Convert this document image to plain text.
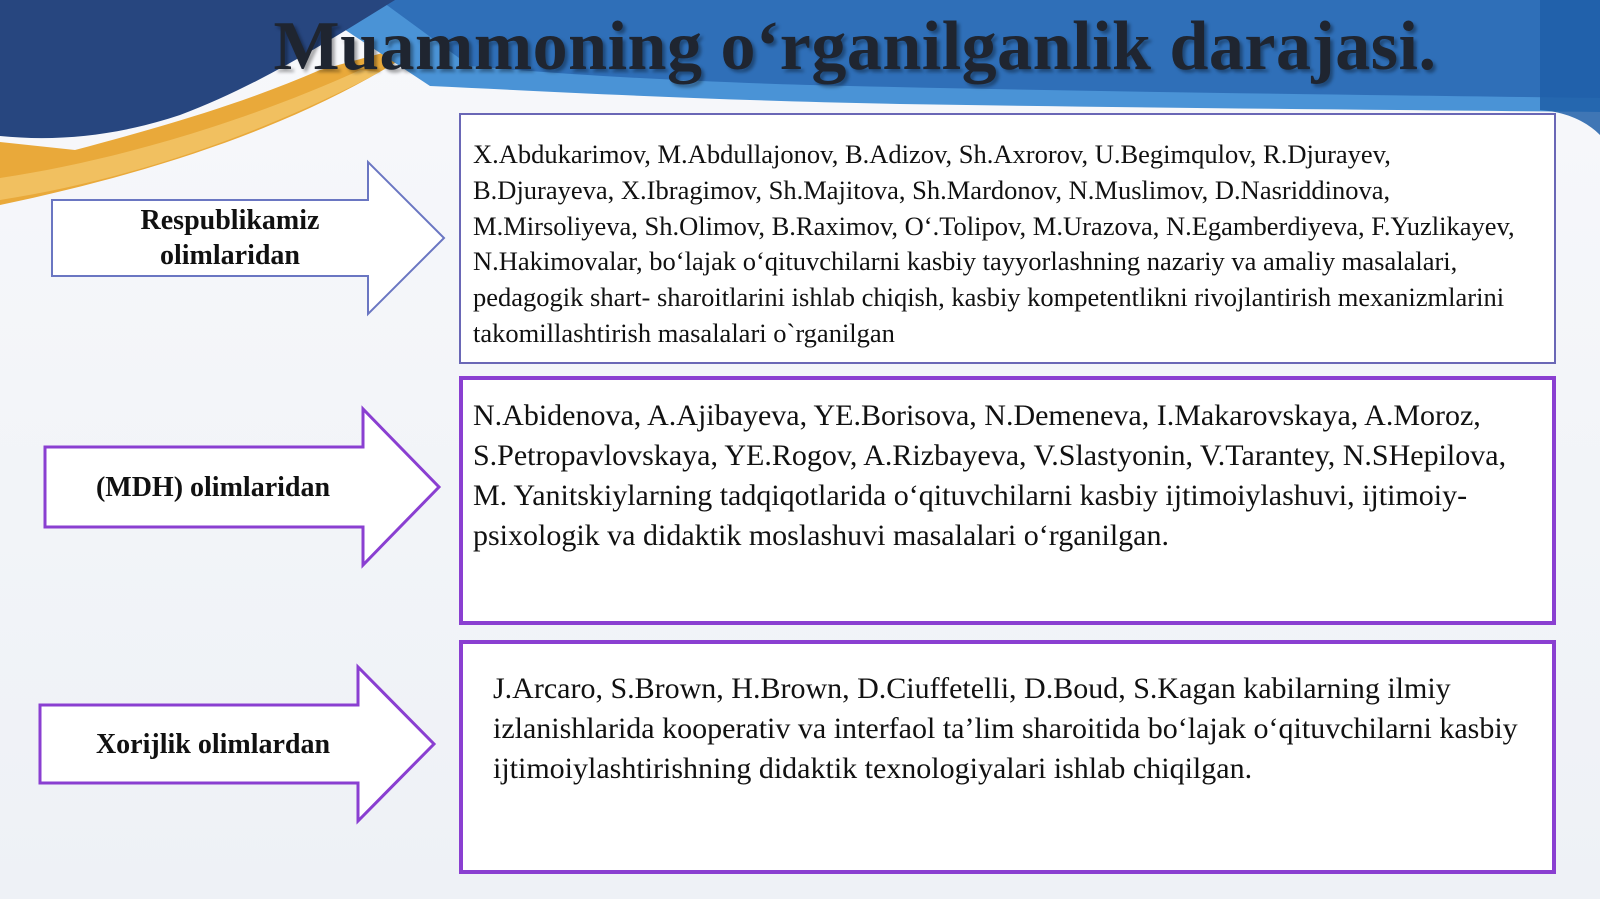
Muammoning o‘rganilganlik darajasi.
Respublikamiz olimlaridan
(MDH) olimlaridan
Xorijlik olimlardan

X.Abdukarimov, M.Abdullajonov, B.Adizov, Sh.Axrorov, U.Begimqulov, R.Djurayev, B.Djurayeva, X.Ibragimov, Sh.Majitova, Sh.Mardonov, N.Muslimov, D.Nasriddinova, M.Mirsoliyeva, Sh.Olimov, B.Raximov, O‘.Tolipov, M.Urazova, N.Egamberdiyeva, F.Yuzlikayev, N.Hakimovalar, bo‘lajak o‘qituvchilarni kasbiy tayyorlashning nazariy va amaliy masalalari, pedagogik shart- sharoitlarini ishlab chiqish, kasbiy kompetentlikni rivojlantirish mexanizmlarini takomillashtirish masalalari o`rganilgan

N.Abidenova, A.Ajibayeva, YE.Borisova, N.Demeneva, I.Makarovskaya, A.Moroz, S.Petropavlovskaya, YE.Rogov, A.Rizbayeva, V.Slastyonin, V.Tarantey, N.SHepilova, M. Yanitskiylarning tadqiqotlarida o‘qituvchilarni kasbiy ijtimoiylashuvi, ijtimoiy-psixologik va didaktik moslashuvi masalalari o‘rganilgan.

J.Arcaro, S.Brown, H.Brown, D.Ciuffetelli, D.Boud, S.Kagan kabilarning ilmiy izlanishlarida kooperativ va interfaol ta’lim sharoitida bo‘lajak o‘qituvchilarni kasbiy ijtimoiylashtirishning didaktik texnologiyalari ishlab chiqilgan.
